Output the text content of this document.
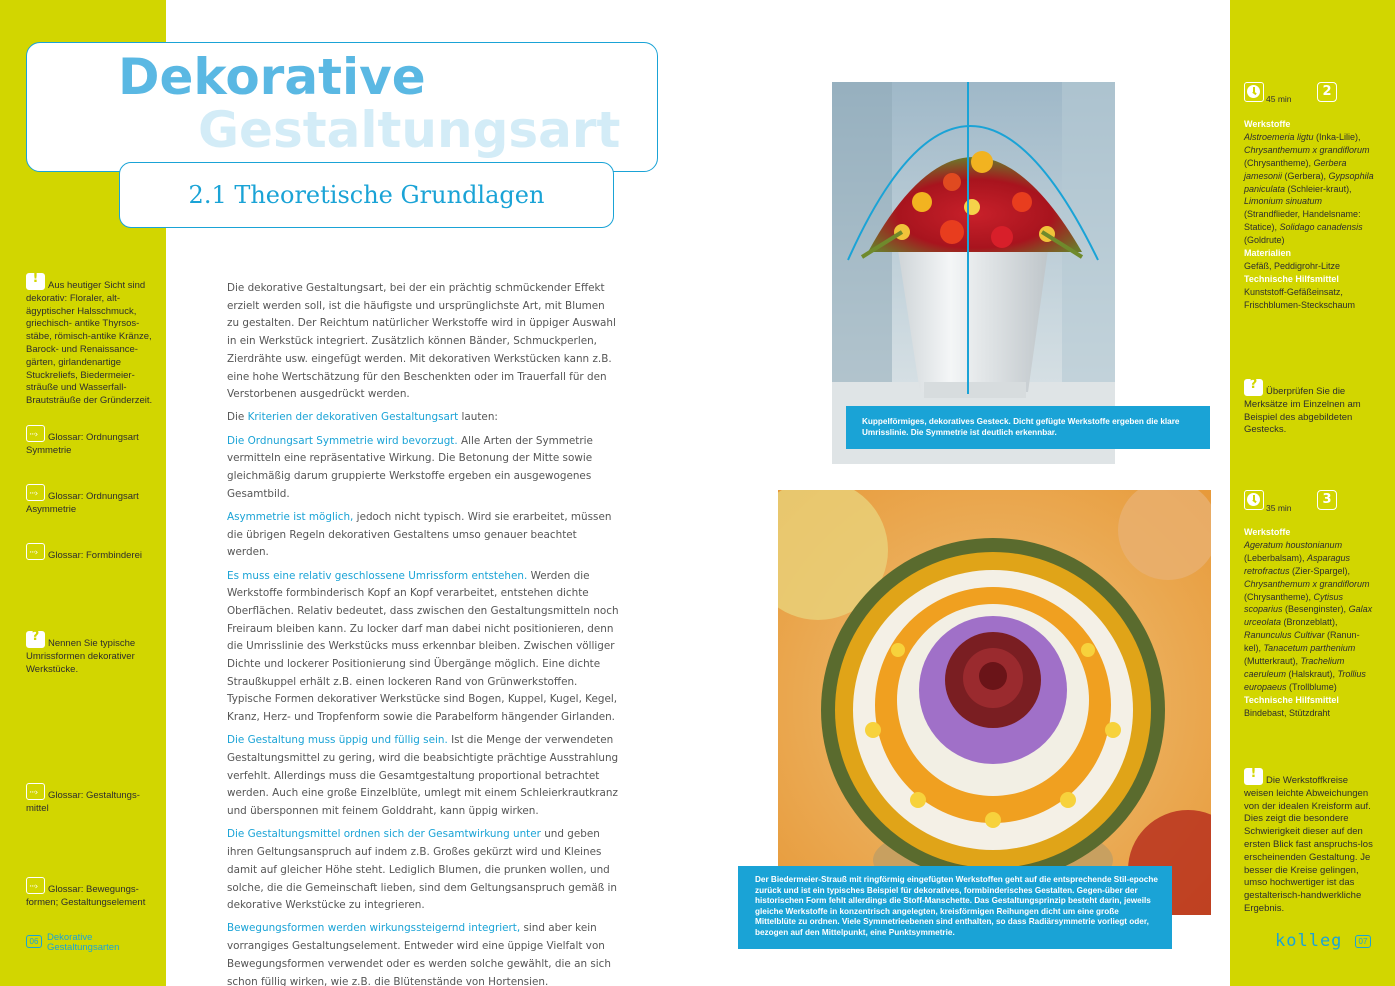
Dekorative
Gestaltungsart
2.1 Theoretische Grundlagen

Die dekorative Gestaltungsart, bei der ein prächtig schmückender Effekt erzielt werden soll, ist die häufigste und ursprünglichste Art, mit Blumen zu gestalten. Der Reichtum natürlicher Werkstoffe wird in üppiger Auswahl in ein Werkstück integriert. Zusätzlich können Bänder, Schmuckperlen, Zierdrähte usw. eingefügt werden. Mit dekorativen Werkstücken kann z.B. eine hohe Wertschätzung für den Beschenkten oder im Trauerfall für den Verstorbenen ausgedrückt werden.

Die Kriterien der dekorativen Gestaltungsart lauten:

Die Ordnungsart Symmetrie wird bevorzugt. Alle Arten der Symmetrie vermitteln eine repräsentative Wirkung. Die Betonung der Mitte sowie gleichmäßig darum gruppierte Werkstoffe ergeben ein ausgewogenes Gesamtbild.

Asymmetrie ist möglich, jedoch nicht typisch. Wird sie erarbeitet, müssen die übrigen Regeln dekorativen Gestaltens umso genauer beachtet werden.

Es muss eine relativ geschlossene Umrissform entstehen. Werden die Werkstoffe formbinderisch Kopf an Kopf verarbeitet, entstehen dichte Oberflächen. Relativ bedeutet, dass zwischen den Gestaltungsmitteln noch Freiraum bleiben kann. Zu locker darf man dabei nicht positionieren, denn die Umrisslinie des Werkstücks muss erkennbar bleiben. Zwischen völliger Dichte und lockerer Positionierung sind Übergänge möglich. Eine dichte Straußkuppel erhält z.B. einen lockeren Rand von Grünwerkstoffen. Typische Formen dekorativer Werkstücke sind Bogen, Kuppel, Kugel, Kegel, Kranz, Herz- und Tropfenform sowie die Parabelform hängender Girlanden.

Die Gestaltung muss üppig und füllig sein. Ist die Menge der verwendeten Gestaltungsmittel zu gering, wird die beabsichtigte prächtige Ausstrahlung verfehlt. Allerdings muss die Gesamtgestaltung proportional betrachtet werden. Auch eine große Einzelblüte, umlegt mit einem Schleierkrautkranz und übersponnen mit feinem Golddraht, kann üppig wirken.

Die Gestaltungsmittel ordnen sich der Gesamtwirkung unter und geben ihren Geltungsanspruch auf indem z.B. Großes gekürzt wird und Kleines damit auf gleicher Höhe steht. Lediglich Blumen, die prunken wollen, und solche, die die Gemeinschaft lieben, sind dem Geltungsanspruch gemäß in dekorative Werkstücke zu integrieren.

Bewegungsformen werden wirkungssteigernd integriert, sind aber kein vorrangiges Gestaltungselement. Entweder wird eine üppige Vielfalt von Bewegungsformen verwendet oder es werden solche gewählt, die an sich schon füllig wirken, wie z.B. die Blütenstände von Hortensien.

!	Aus heutiger Sicht sind dekorativ: Floraler, alt-ägyptischer Halsschmuck, griechisch- antike Thyrsos-stäbe, römisch-antike Kränze, Barock- und Renaissance-gärten, girlandenartige Stuckreliefs, Biedermeier-sträuße und Wasserfall-Brautsträuße der Gründerzeit.
···› Glossar: Ordnungsart Symmetrie
···› Glossar: Ordnungsart Asymmetrie
···› Glossar: Formbinderei
? Nennen Sie typische Umrissformen dekorativer Werkstücke.
···› Glossar: Gestaltungs-mittel
···› Glossar: Bewegungs-formen; Gestaltungselement
06 Dekorative Gestaltungsarten
Kuppelförmiges, dekoratives Gesteck. Dicht gefügte Werkstoffe ergeben die klare Umrisslinie. Die Symmetrie ist deutlich erkennbar.
Der Biedermeier-Strauß mit ringförmig eingefügten Werkstoffen geht auf die entsprechende Stil-epoche zurück und ist ein typisches Beispiel für dekoratives, formbinderisches Gestalten. Gegen-über der historischen Form fehlt allerdings die Stoff-Manschette. Das Gestaltungsprinzip besteht darin, jeweils gleiche Werkstoffe in konzentrisch angelegten, kreisförmigen Reihungen dicht um eine große Mittelblüte zu ordnen. Viele Symmetrieebenen sind enthalten, so dass Radiärsymmetrie vorliegt oder, bezogen auf den Mittelpunkt, eine Punktsymmetrie.
45 min	2
Werkstoffe
Alstroemeria ligtu (Inka-Lilie), Chrysanthemum x grandiflorum (Chrysantheme), Gerbera jamesonii (Gerbera), Gypsophila paniculata (Schleier-kraut), Limonium sinuatum (Strandflieder, Handelsname: Statice), Solidago canadensis (Goldrute)
Materialien
Gefäß, Peddigrohr-Litze
Technische Hilfsmittel
Kunststoff-Gefäßeinsatz, Frischblumen-Steckschaum
? Überprüfen Sie die Merksätze im Einzelnen am Beispiel des abgebildeten Gestecks.
35 min
3
Werkstoffe
Ageratum houstonianum (Leberbalsam), Asparagus retrofractus (Zier-Spargel), Chrysanthemum x grandiflorum (Chrysantheme), Cytisus scoparius (Besenginster), Galax urceolata (Bronzeblatt), Ranunculus Cultivar (Ranun-kel), Tanacetum parthenium (Mutterkraut), Trachelium caeruleum (Halskraut), Trollius europaeus (Trollblume)
Technische Hilfsmittel
Bindebast, Stützdraht
!	Die Werkstoffkreise weisen leichte Abweichungen von der idealen Kreisform auf. Dies zeigt die besondere Schwierigkeit dieser auf den ersten Blick fast anspruchs-los erscheinenden Gestaltung. Je besser die Kreise gelingen, umso hochwertiger ist das gestalterisch-handwerkliche Ergebnis.
kolleg	07
